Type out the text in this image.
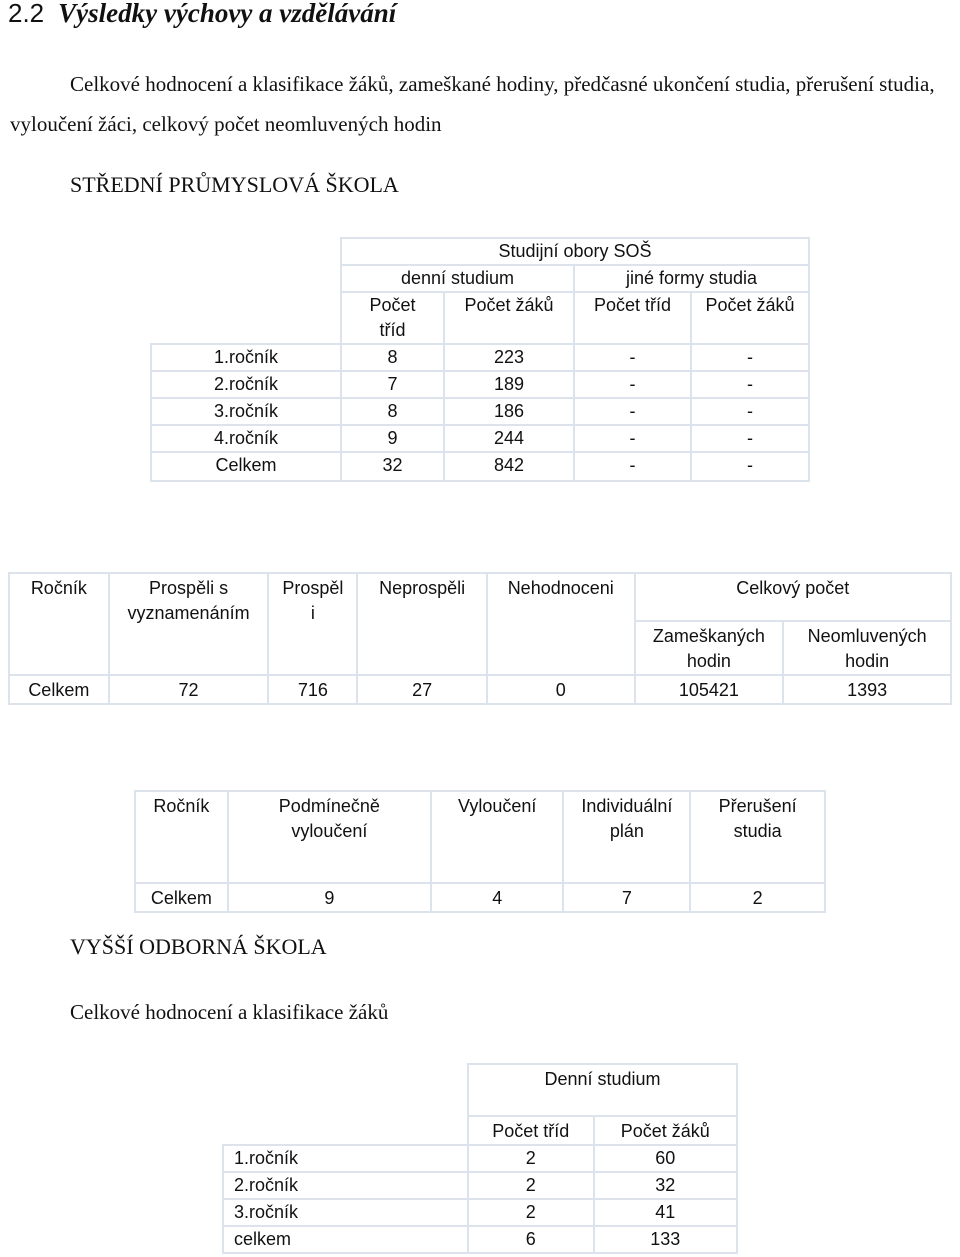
2.2 Výsledky výchovy a vzdělávání
Celkové hodnocení a klasifikace žáků, zameškané hodiny, předčasné ukončení studia, přerušení studia, vyloučení žáci, celkový počet neomluvených hodin
STŘEDNÍ PRŮMYSLOVÁ ŠKOLA
	Studijní obory SOŠ			
	denní studium		jiné formy studia	
	Počet tříd	Počet žáků	Počet tříd	Počet žáků
1.ročník	8	223	-	-
2.ročník	7	189	-	-
3.ročník	8	186	-	-
4.ročník	9	244	-	-
Celkem	32	842	-	-
Ročník	Prospěli s vyznamenáním	Prospěl i	Neprospěli	Nehodnoceni	Celkový počet	
					Zameškaných hodin	Neomluvených hodin
Celkem	72	716	27	0	105421	1393
Ročník	Podmínečně vyloučení	Vyloučení	Individuální plán	Přerušení studia
Celkem	9	4	7	2
VYŠŠÍ ODBORNÁ ŠKOLA
Celkové hodnocení a klasifikace žáků
	Denní studium	
	Počet tříd	Počet žáků
1.ročník	2	60
2.ročník	2	32
3.ročník	2	41
celkem	6	133
